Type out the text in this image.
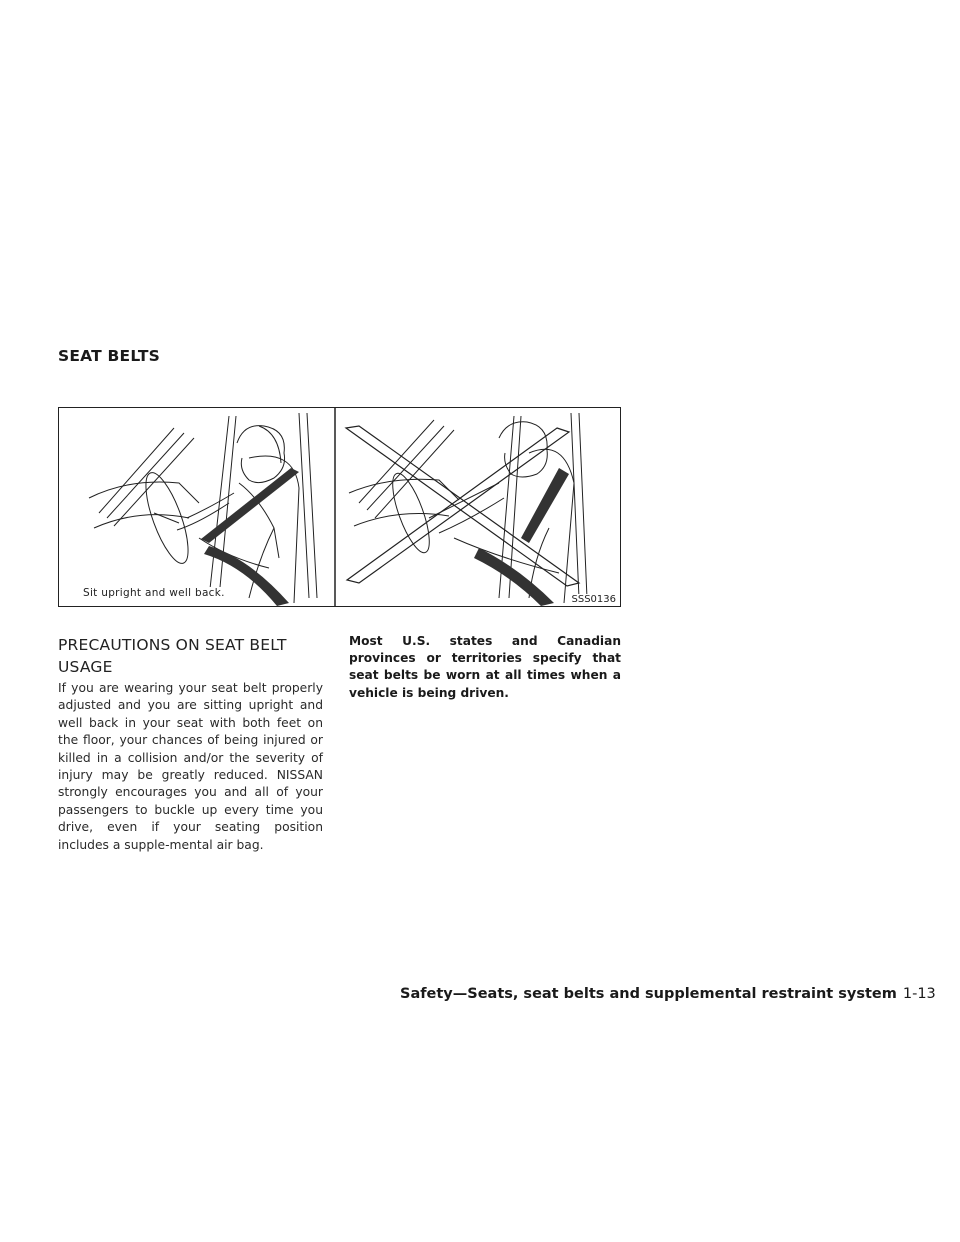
SEAT BELTS
Sit upright and well back.
SSS0136
PRECAUTIONS ON SEAT BELT USAGE

If you are wearing your seat belt properly adjusted and you are sitting upright and well back in your seat with both feet on the floor, your chances of being injured or killed in a collision and/or the severity of injury may be greatly reduced. NISSAN strongly encourages you and all of your passengers to buckle up every time you drive, even if your seating position includes a supple-mental air bag.

Most U.S. states and Canadian provinces or territories specify that seat belts be worn at all times when a vehicle is being driven.

Safety—Seats, seat belts and supplemental restraint system 1-13
